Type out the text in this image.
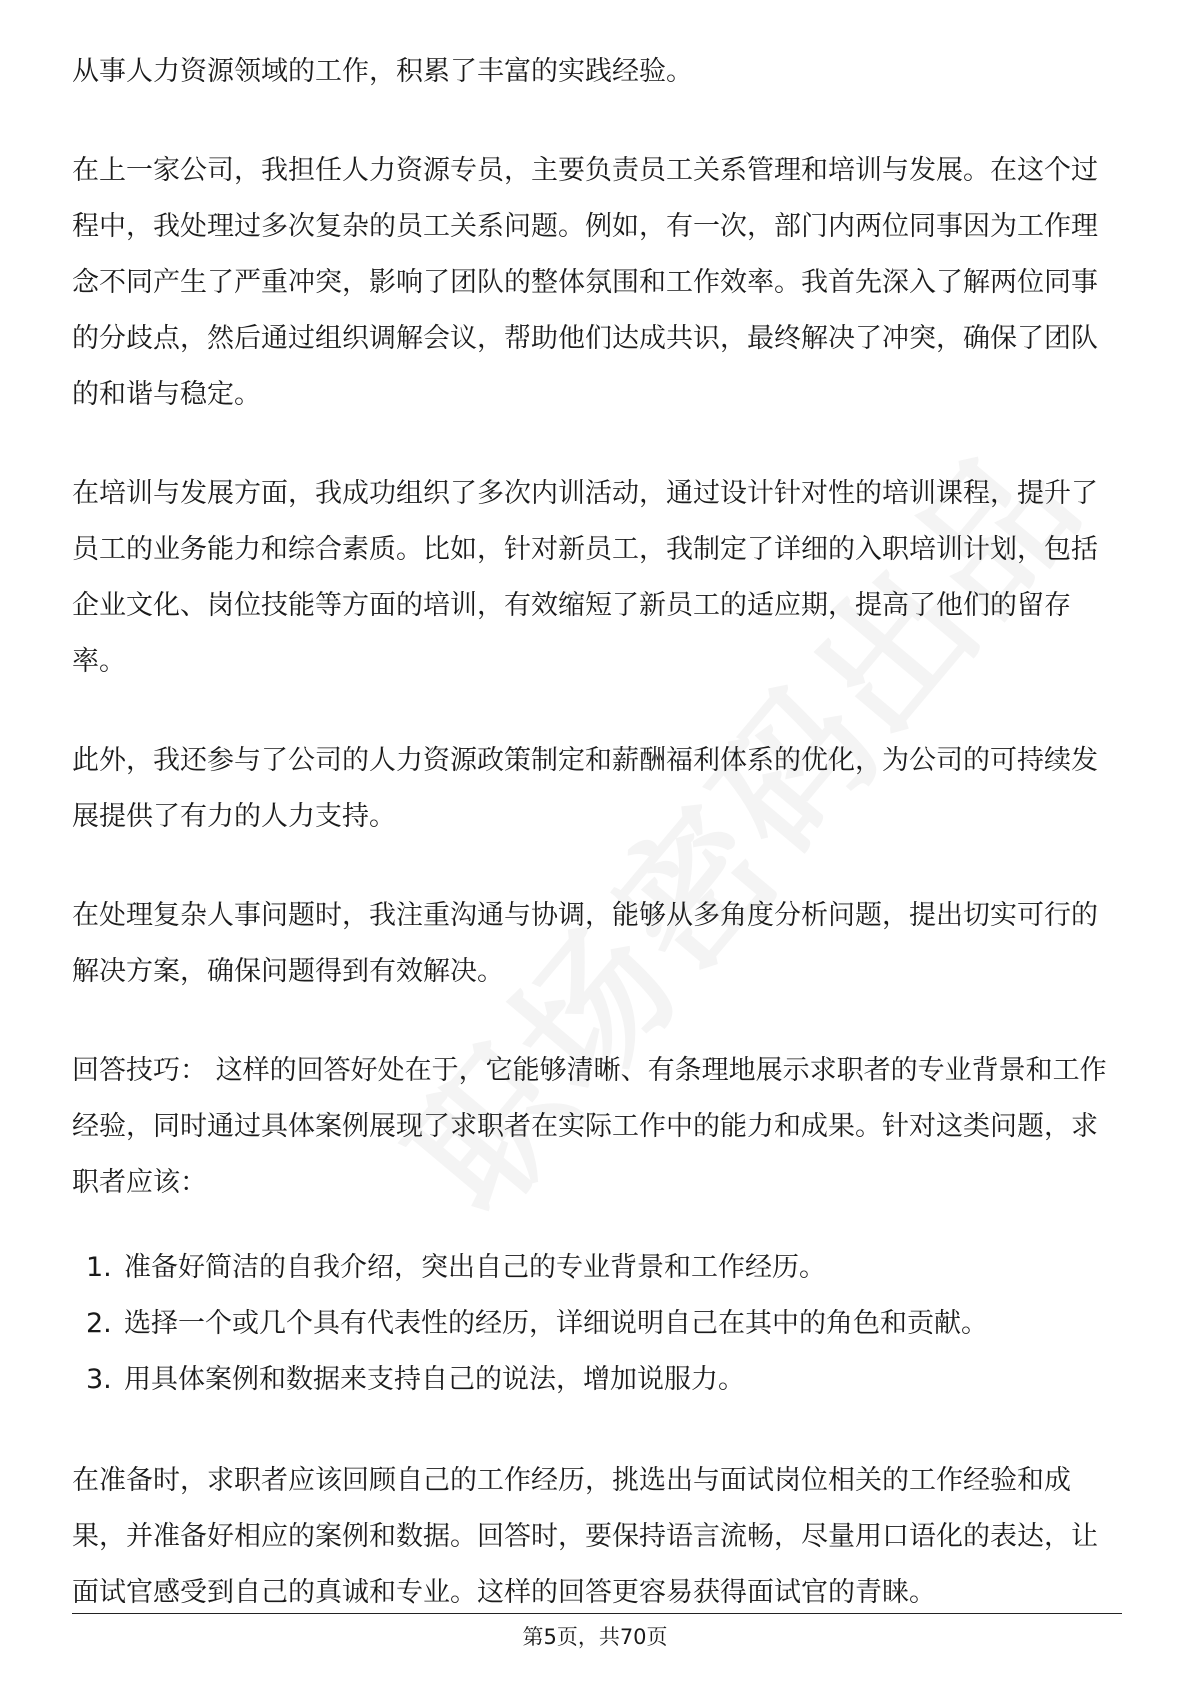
从事人力资源领域的工作，积累了丰富的实践经验。

在上一家公司，我担任人力资源专员，主要负责员工关系管理和培训与发展。在这个过程中，我处理过多次复杂的员工关系问题。例如，有一次，部门内两位同事因为工作理念不同产生了严重冲突，影响了团队的整体氛围和工作效率。我首先深入了解两位同事的分歧点，然后通过组织调解会议，帮助他们达成共识，最终解决了冲突，确保了团队的和谐与稳定。

在培训与发展方面，我成功组织了多次内训活动，通过设计针对性的培训课程，提升了员工的业务能力和综合素质。比如，针对新员工，我制定了详细的入职培训计划，包括企业文化、岗位技能等方面的培训，有效缩短了新员工的适应期，提高了他们的留存率。

此外，我还参与了公司的人力资源政策制定和薪酬福利体系的优化，为公司的可持续发展提供了有力的人力支持。

在处理复杂人事问题时，我注重沟通与协调，能够从多角度分析问题，提出切实可行的解决方案，确保问题得到有效解决。

回答技巧： 这样的回答好处在于，它能够清晰、有条理地展示求职者的专业背景和工作经验，同时通过具体案例展现了求职者在实际工作中的能力和成果。针对这类问题，求职者应该：

1. 准备好简洁的自我介绍，突出自己的专业背景和工作经历。
2. 选择一个或几个具有代表性的经历，详细说明自己在其中的角色和贡献。
3. 用具体案例和数据来支持自己的说法，增加说服力。

在准备时，求职者应该回顾自己的工作经历，挑选出与面试岗位相关的工作经验和成果，并准备好相应的案例和数据。回答时，要保持语言流畅，尽量用口语化的表达，让面试官感受到自己的真诚和专业。这样的回答更容易获得面试官的青睐。

第5页，共70页
